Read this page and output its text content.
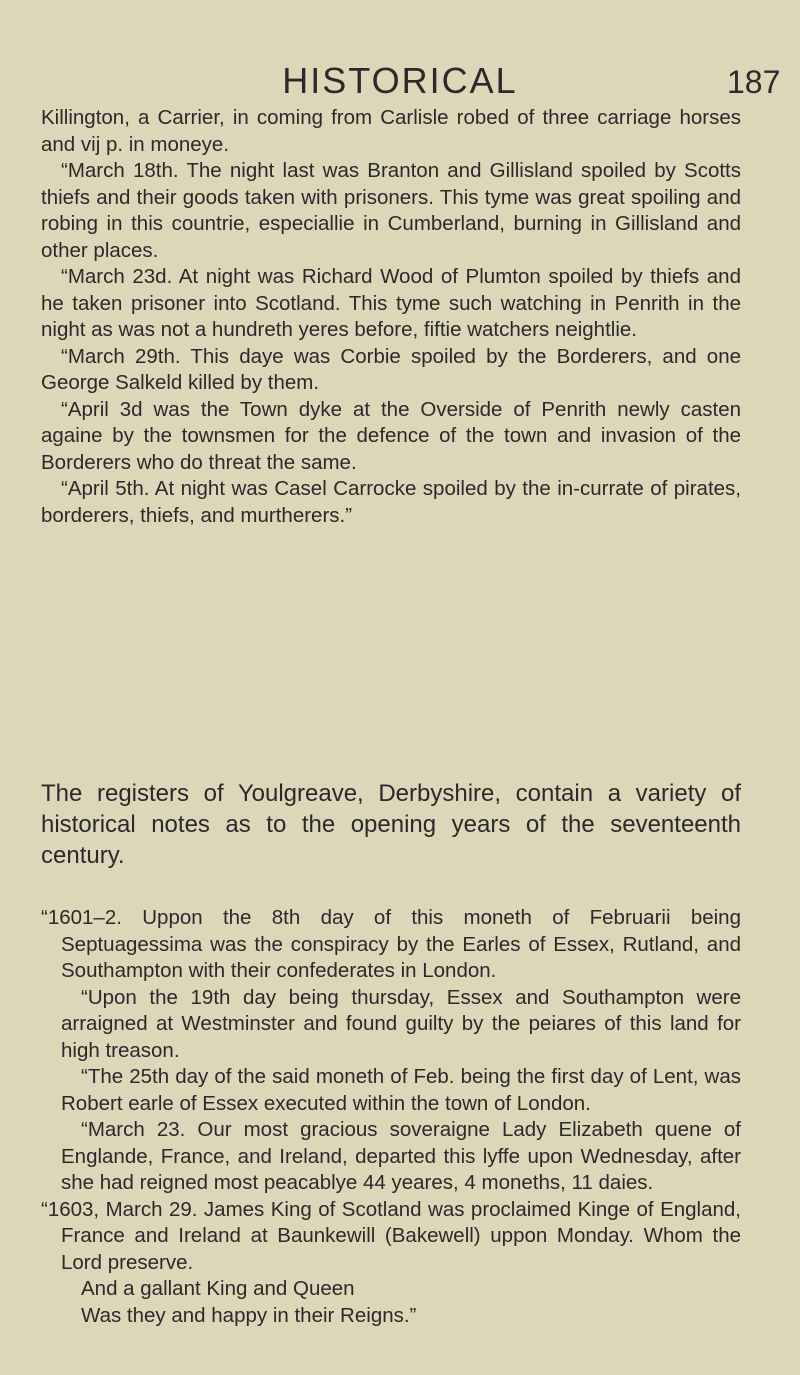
HISTORICAL	187

Killington, a Carrier, in coming from Carlisle robed of three carriage horses and vij p. in moneye.

“March 18th. The night last was Branton and Gillisland spoiled by Scotts thiefs and their goods taken with prisoners. This tyme was great spoiling and robing in this countrie, especiallie in Cumberland, burning in Gillisland and other places.

“March 23d. At night was Richard Wood of Plumton spoiled by thiefs and he taken prisoner into Scotland. This tyme such watching in Penrith in the night as was not a hundreth yeres before, fiftie watchers neightlie.

“March 29th. This daye was Corbie spoiled by the Borderers, and one George Salkeld killed by them.

“April 3d was the Town dyke at the Overside of Penrith newly casten againe by the townsmen for the defence of the town and invasion of the Borderers who do threat the same.

“April 5th. At night was Casel Carrocke spoiled by the in-currate of pirates, borderers, thiefs, and murtherers.”

The registers of Youlgreave, Derbyshire, contain a variety of historical notes as to the opening years of the seventeenth century.

“1601–2. Uppon the 8th day of this moneth of Februarii being Septuagessima was the conspiracy by the Earles of Essex, Rutland, and Southampton with their confederates in London.

“Upon the 19th day being thursday, Essex and Southampton were arraigned at Westminster and found guilty by the peiares of this land for high treason.

“The 25th day of the said moneth of Feb. being the first day of Lent, was Robert earle of Essex executed within the town of London.

“March 23. Our most gracious soveraigne Lady Elizabeth quene of Englande, France, and Ireland, departed this lyffe upon Wednesday, after she had reigned most peacablye 44 yeares, 4 moneths, 11 daies.

“1603, March 29. James King of Scotland was proclaimed Kinge of England, France and Ireland at Baunkewill (Bakewell) uppon Monday. Whom the Lord preserve.

And a gallant King and Queen

Was they and happy in their Reigns.”
